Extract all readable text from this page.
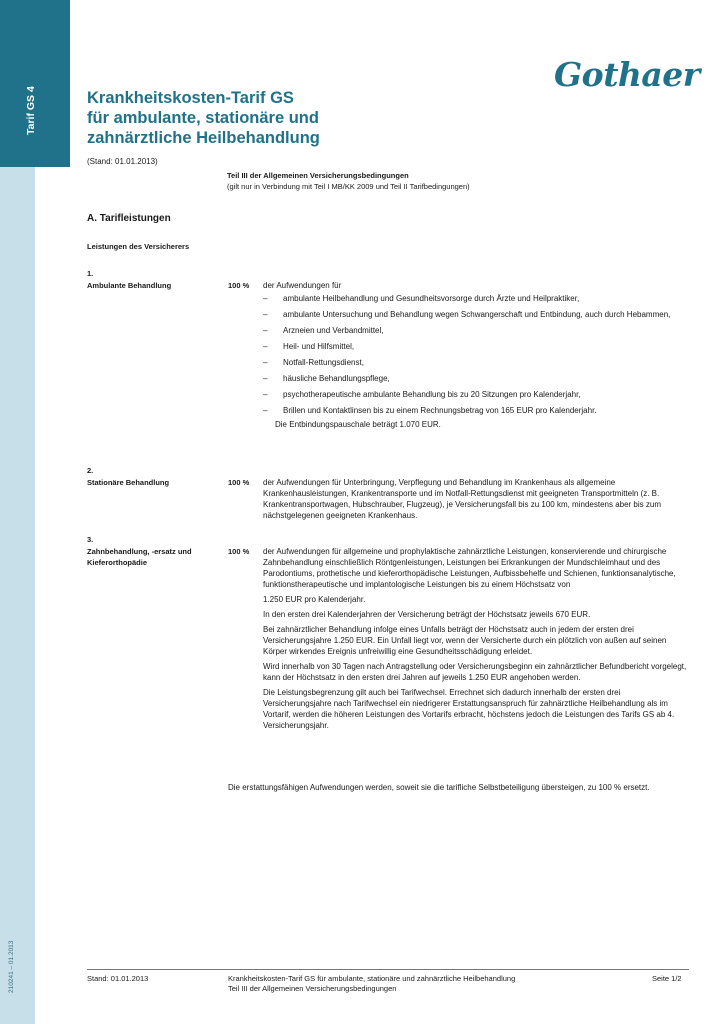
Tarif GS 4
210241 – 01.2013
Gothaer
Krankheitskosten-Tarif GS
für ambulante, stationäre und
zahnärztliche Heilbehandlung
(Stand: 01.01.2013)
Teil III der Allgemeinen Versicherungsbedingungen
(gilt nur in Verbindung mit Teil I MB/KK 2009 und Teil II Tarifbedingungen)
A. Tarifleistungen
Leistungen des Versicherers
1.
Ambulante Behandlung	100 % der Aufwendungen für
– ambulante Heilbehandlung und Gesundheitsvorsorge durch Ärzte und Heilpraktiker,
– ambulante Untersuchung und Behandlung wegen Schwangerschaft und Entbindung, auch durch Hebammen,
– Arzneien und Verbandmittel,
– Heil- und Hilfsmittel,
– Notfall-Rettungsdienst,
– häusliche Behandlungspflege,
– psychotherapeutische ambulante Behandlung bis zu 20 Sitzungen pro Kalenderjahr,
– Brillen und Kontaktlinsen bis zu einem Rechnungsbetrag von 165 EUR pro Kalenderjahr.
Die Entbindungspauschale beträgt 1.070 EUR.
2.
Stationäre Behandlung	100 % der Aufwendungen für Unterbringung, Verpflegung und Behandlung im Krankenhaus als allgemeine Krankenhausleistungen, Krankentransporte und im Notfall-Rettungsdienst mit geeigneten Transportmitteln (z. B. Krankentransportwagen, Hubschrauber, Flugzeug), je Versicherungsfall bis zu 100 km, mindestens aber bis zum nächstgelegenen geeigneten Krankenhaus.
3.
Zahnbehandlung, -ersatz und
Kieferorthopädie
100 % der Aufwendungen für allgemeine und prophylaktische zahnärztliche Leistungen, konservierende und chirurgische Zahnbehandlung einschließlich Röntgenleistungen, Leistungen bei Erkrankungen der Mundschleimhaut und des Parodontiums, prothetische und kieferorthopädische Leistungen, Aufbissbehelfe und Schienen, funktionsanalytische, funktionstherapeutische und implantologische Leistungen bis zu einem Höchstsatz von
1.250 EUR pro Kalenderjahr.
In den ersten drei Kalenderjahren der Versicherung beträgt der Höchstsatz jeweils 670 EUR.
Bei zahnärztlicher Behandlung infolge eines Unfalls beträgt der Höchstsatz auch in jedem der ersten drei Versicherungsjahre 1.250 EUR. Ein Unfall liegt vor, wenn der Versicherte durch ein plötzlich von außen auf seinen Körper wirkendes Ereignis unfreiwillig eine Gesundheitsschädigung erleidet.
Wird innerhalb von 30 Tagen nach Antragstellung oder Versicherungsbeginn ein zahnärztlicher Befundbericht vorgelegt, kann der Höchstsatz in den ersten drei Jahren auf jeweils 1.250 EUR angehoben werden.
Die Leistungsbegrenzung gilt auch bei Tarifwechsel. Errechnet sich dadurch innerhalb der ersten drei Versicherungsjahre nach Tarifwechsel ein niedrigerer Erstattungsanspruch für zahnärztliche Heilbehandlung als im Vortarif, werden die höheren Leistungen des Vortarifs erbracht, höchstens jedoch die Leistungen des Tarifs GS ab 4. Versicherungsjahr.
Die erstattungsfähigen Aufwendungen werden, soweit sie die tarifliche Selbstbeteiligung übersteigen, zu 100 % ersetzt.
Stand: 01.01.2013	Krankheitskosten-Tarif GS für ambulante, stationäre und zahnärztliche Heilbehandlung
Teil III der Allgemeinen Versicherungsbedingungen
Seite 1/2
